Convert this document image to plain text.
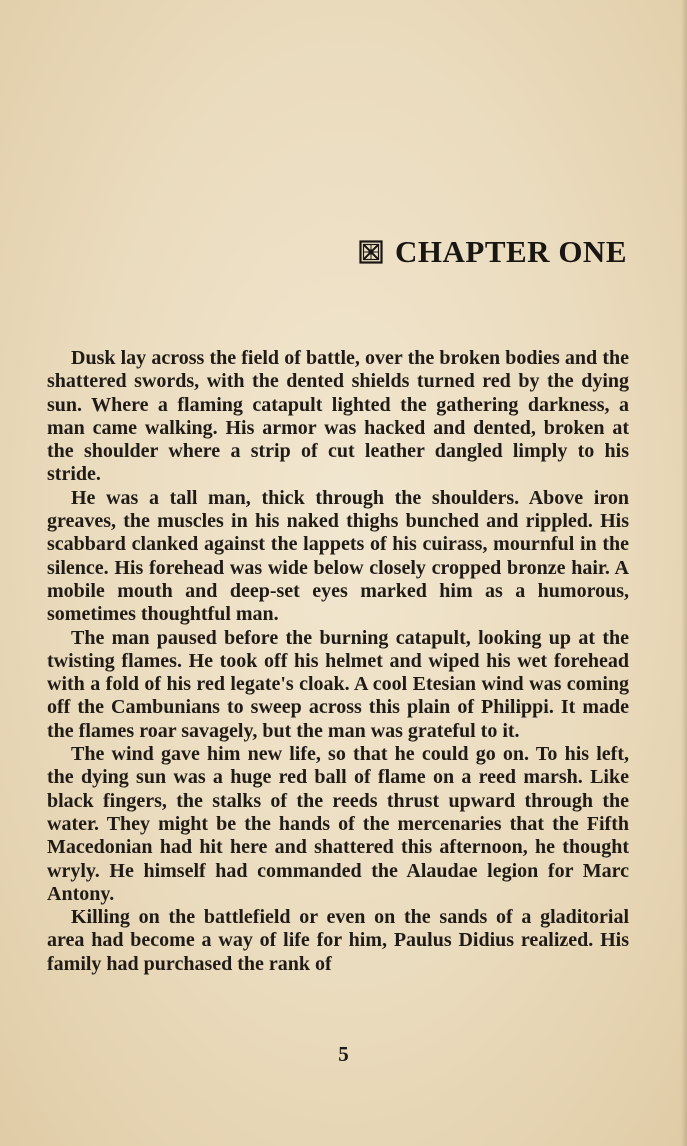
CHAPTER ONE

Dusk lay across the field of battle, over the broken bodies and the shattered swords, with the dented shields turned red by the dying sun. Where a flaming catapult lighted the gathering darkness, a man came walking. His armor was hacked and dented, broken at the shoulder where a strip of cut leather dangled limply to his stride.

He was a tall man, thick through the shoulders. Above iron greaves, the muscles in his naked thighs bunched and rippled. His scabbard clanked against the lappets of his cuirass, mournful in the silence. His forehead was wide below closely cropped bronze hair. A mobile mouth and deep-set eyes marked him as a humorous, sometimes thoughtful man.

The man paused before the burning catapult, looking up at the twisting flames. He took off his helmet and wiped his wet forehead with a fold of his red legate's cloak. A cool Etesian wind was coming off the Cambunians to sweep across this plain of Philippi. It made the flames roar savagely, but the man was grateful to it.

The wind gave him new life, so that he could go on. To his left, the dying sun was a huge red ball of flame on a reed marsh. Like black fingers, the stalks of the reeds thrust upward through the water. They might be the hands of the mercenaries that the Fifth Macedonian had hit here and shattered this afternoon, he thought wryly. He himself had commanded the Alaudae legion for Marc Antony.

Killing on the battlefield or even on the sands of a gladitorial area had become a way of life for him, Paulus Didius realized. His family had purchased the rank of

5
